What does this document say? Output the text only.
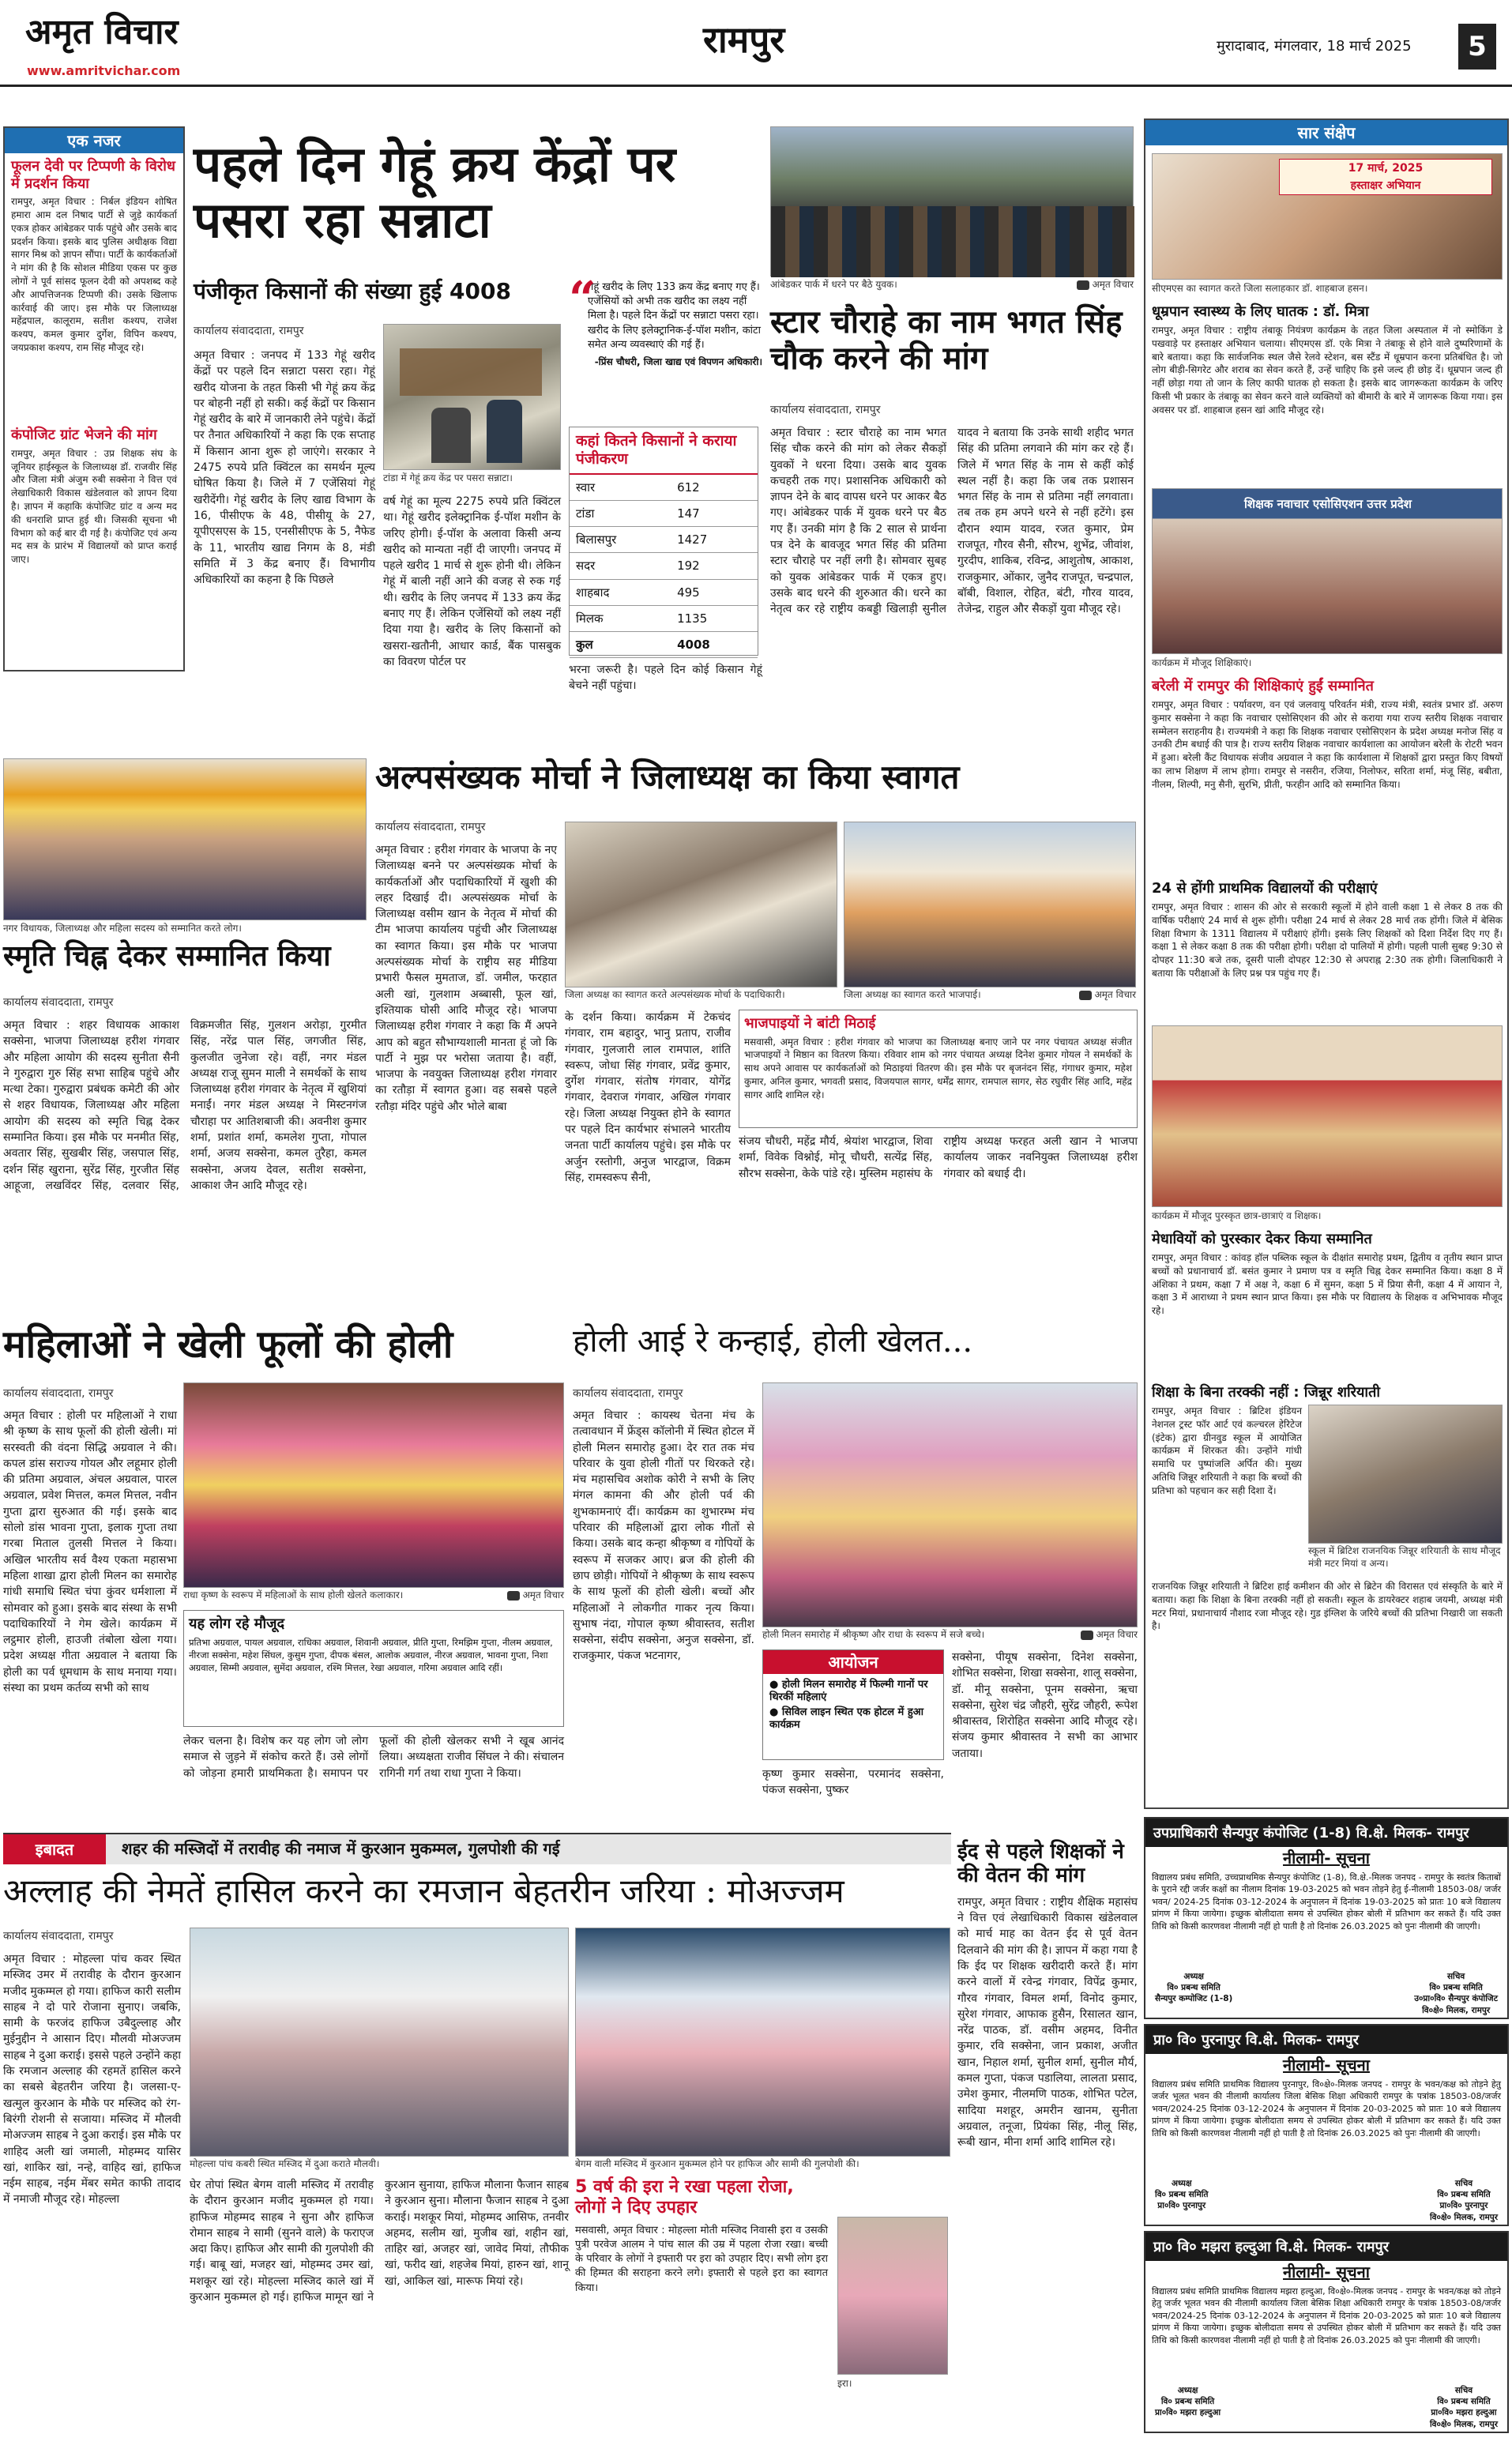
अमृत विचार
www.amritvichar.com
रामपुर	मुरादाबाद, मंगलवार, 18 मार्च 2025	5
एक नजर
फूलन देवी पर टिप्पणी के विरोध में प्रदर्शन किया
रामपुर, अमृत विचार : निर्बल इंडियन शोषित हमारा आम दल निषाद पार्टी से जुड़े कार्यकर्ता एकत्र होकर आंबेडकर पार्क पहुंचे और उसके बाद प्रदर्शन किया। इसके बाद पुलिस अधीक्षक विद्या सागर मिश्र को ज्ञापन सौंपा। पार्टी के कार्यकर्ताओं ने मांग की है कि सोशल मीडिया एकस पर कुछ लोगों ने पूर्व सांसद फूलन देवी को अपशब्द कहे और आपत्तिजनक टिप्पणी की। उसके खिलाफ कार्रवाई की जाए। इस मौके पर जिलाध्यक्ष महेंद्रपाल, कालूराम, सतीश कश्यप, राजेश कश्यप, कमल कुमार दुर्गेश, विपिन कश्यप, जयप्रकाश कश्यप, राम सिंह मौजूद रहे।
कंपोजिट ग्रांट भेजने की मांग
रामपुर, अमृत विचार : उप्र शिक्षक संघ के जूनियर हाईस्कूल के जिलाध्यक्ष डॉ. राजवीर सिंह और जिला मंत्री अंजुम रुबी सक्सेना ने वित्त एवं लेखाधिकारी विकास खंडेलवाल को ज्ञापन दिया है। ज्ञापन में कहाकि कंपोजिट ग्रांट व अन्य मद की धनराशि प्राप्त हुई थी। जिसकी सूचना भी विभाग को कई बार दी गई है। कंपोजिट एवं अन्य मद सत्र के प्रारंभ में विद्यालयों को प्राप्त कराई जाए।
पहले दिन गेहूं क्रय केंद्रों पर पसरा रहा सन्नाटा
पंजीकृत किसानों की संख्या हुई 4008
कार्यालय संवाददाता, रामपुर
अमृत विचार : जनपद में 133 गेहूं खरीद केंद्रों पर पहले दिन सन्नाटा पसरा रहा। गेहूं खरीद योजना के तहत किसी भी गेहूं क्रय केंद्र पर बोहनी नहीं हो सकी। कई केंद्रों पर किसान गेहूं खरीद के बारे में जानकारी लेने पहुंचे। केंद्रों पर तैनात अधिकारियों ने कहा कि एक सप्ताह में किसान आना शुरू हो जाएंगे। सरकार ने 2475 रुपये प्रति क्विंटल का समर्थन मूल्य घोषित किया है। जिले में 7 एजेंसियां गेहूं खरीदेंगी। गेहूं खरीद के लिए खाद्य विभाग के 16, पीसीएफ के 48, पीसीयू के 27, यूपीएसएस के 15, एनसीसीएफ के 5, नैफेड के 11, भारतीय खाद्य निगम के 8, मंडी समिति में 3 केंद्र बनाए हैं। विभागीय अधिकारियों का कहना है कि पिछले
टांडा में गेहूं क्रय केंद्र पर पसरा सन्नाटा।
वर्ष गेहूं का मूल्य 2275 रुपये प्रति क्विंटल था। गेहूं खरीद इलेक्ट्रानिक ई-पॉश मशीन के जरिए होगी। ई-पॉश के अलावा किसी अन्य खरीद को मान्यता नहीं दी जाएगी। जनपद में पहले खरीद 1 मार्च से शुरू होनी थी। लेकिन गेहूं में बाली नहीं आने की वजह से रुक गई थी। खरीद के लिए जनपद में 133 क्रय केंद्र बनाए गए हैं। लेकिन एजेंसियों को लक्ष्य नहीं दिया गया है। खरीद के लिए किसानों को खसरा-खतौनी, आधार कार्ड, बैंक पासबुक का विवरण पोर्टल पर
“
गेहूं खरीद के लिए 133 क्रय केंद्र बनाए गए हैं। एजेंसियों को अभी तक खरीद का लक्ष्य नहीं मिला है। पहले दिन केंद्रों पर सन्नाटा पसरा रहा। खरीद के लिए इलेक्ट्रानिक-ई-पॉश मशीन, कांटा समेत अन्य व्यवस्थाएं की गई हैं।
-प्रिंस चौधरी, जिला खाद्य एवं विपणन अधिकारी।
कहां कितने किसानों ने कराया पंजीकरण
स्वार	612
टांडा	147
बिलासपुर	1427
सदर	192
शाहबाद	495
मिलक	1135
कुल	4008
भरना जरूरी है। पहले दिन कोई किसान गेहूं बेचने नहीं पहुंचा।
आंबेडकर पार्क में धरने पर बैठे युवक।	अमृत विचार
स्टार चौराहे का नाम भगत सिंह चौक करने की मांग
कार्यालय संवाददाता, रामपुर
अमृत विचार : स्टार चौराहे का नाम भगत सिंह चौक करने की मांग को लेकर सैकड़ों युवकों ने धरना दिया। उसके बाद युवक कचहरी तक गए। प्रशासनिक अधिकारी को ज्ञापन देने के बाद वापस धरने पर आकर बैठ गए। आंबेडकर पार्क में युवक धरने पर बैठ गए हैं। उनकी मांग है कि 2 साल से प्रार्थना पत्र देने के बावजूद भगत सिंह की प्रतिमा स्टार चौराहे पर नहीं लगी है। सोमवार सुबह को युवक आंबेडकर पार्क में एकत्र हुए। उसके बाद धरने की शुरुआत की। धरने का नेतृत्व कर रहे राष्ट्रीय कबड्डी खिलाड़ी सुनील यादव ने बताया कि उनके साथी शहीद भगत सिंह की प्रतिमा लगवाने की मांग कर रहे हैं। जिले में भगत सिंह के नाम से कहीं कोई स्थल नहीं है। कहा कि जब तक प्रशासन भगत सिंह के नाम से प्रतिमा नहीं लगवाता। तब तक हम अपने धरने से नहीं हटेंगे। इस दौरान श्याम यादव, रजत कुमार, प्रेम राजपूत, गौरव सैनी, सौरभ, शुभेंद्र, जीवांश, गुरदीप, शाकिब, रविन्द्र, आशुतोष, आकाश, राजकुमार, ओंकार, जुनैद राजपूत, चन्द्रपाल, बॉबी, विशाल, रोहित, बंटी, गौरव यादव, तेजेन्द्र, राहुल और सैकड़ों युवा मौजूद रहे।
सार संक्षेप
17 मार्च, 2025
हस्ताक्षर अभियान
सीएमएस का स्वागत करते जिला सलाहकार डॉ. शाहबाज हसन।
धूम्रपान स्वास्थ्य के लिए घातक : डॉ. मित्रा
रामपुर, अमृत विचार : राष्ट्रीय तंबाकू नियंत्रण कार्यक्रम के तहत जिला अस्पताल में नो स्मोकिंग डे पखवाड़े पर हस्ताक्षर अभियान चलाया। सीएमएस डॉ. एके मित्रा ने तंबाकू से होने वाले दुष्परिणामों के बारे बताया। कहा कि सार्वजनिक स्थल जैसे रेलवे स्टेशन, बस स्टैंड में धूम्रपान करना प्रतिबंधित है। जो लोग बीड़ी-सिगरेट और शराब का सेवन करते हैं, उन्हें चाहिए कि इसे जल्द ही छोड़ दें। धूम्रपान जल्द ही नहीं छोड़ा गया तो जान के लिए काफी घातक हो सकता है। इसके बाद जागरूकता कार्यक्रम के जरिए किसी भी प्रकार के तंबाकू का सेवन करने वाले व्यक्तियों को बीमारी के बारे में जागरूक किया गया। इस अवसर पर डॉ. शाहबाज हसन खां आदि मौजूद रहे।
शिक्षक नवाचार एसोसिएशन उत्तर प्रदेश
कार्यक्रम में मौजूद शिक्षिकाएं।
बरेली में रामपुर की शिक्षिकाएं हुईं सम्मानित
रामपुर, अमृत विचार : पर्यावरण, वन एवं जलवायु परिवर्तन मंत्री, राज्य मंत्री, स्वतंत्र प्रभार डॉ. अरुण कुमार सक्सेना ने कहा कि नवाचार एसोसिएशन की ओर से कराया गया राज्य स्तरीय शिक्षक नवाचार सम्मेलन सराहनीय है। राज्यमंत्री ने कहा कि शिक्षक नवाचार एसोसिएशन के प्रदेश अध्यक्ष मनोज सिंह व उनकी टीम बधाई की पात्र है। राज्य स्तरीय शिक्षक नवाचार कार्यशाला का आयोजन बरेली के रोटरी भवन में हुआ। बरेली कैंट विधायक संजीव अग्रवाल ने कहा कि कार्यशाला में शिक्षकों द्वारा प्रस्तुत किए विषयों का लाभ शिक्षण में लाभ होगा। रामपुर से नसरीन, रजिया, निलोफर, सरिता शर्मा, मंजू सिंह, बबीता, नीलम, शिल्पी, मनु सैनी, सुरभि, प्रीती, फरहीन आदि को सम्मानित किया।
24 से होंगी प्राथमिक विद्यालयों की परीक्षाएं
रामपुर, अमृत विचार : शासन की ओर से सरकारी स्कूलों में होने वाली कक्षा 1 से लेकर 8 तक की वार्षिक परीक्षाएं 24 मार्च से शुरू होंगी। परीक्षा 24 मार्च से लेकर 28 मार्च तक होंगी। जिले में बेसिक शिक्षा विभाग के 1311 विद्यालय में परीक्षाएं होंगी। इसके लिए शिक्षकों को दिशा निर्देश दिए गए हैं। कक्षा 1 से लेकर कक्षा 8 तक की परीक्षा होगी। परीक्षा दो पालियों में होगी। पहली पाली सुबह 9:30 से दोपहर 11:30 बजे तक, दूसरी पाली दोपहर 12:30 से अपराह्न 2:30 तक होगी। जिलाधिकारी ने बताया कि परीक्षाओं के लिए प्रश्न पत्र पहुंच गए हैं।
कार्यक्रम में मौजूद पुरस्कृत छात्र-छात्राएं व शिक्षक।
मेधावियों को पुरस्कार देकर किया सम्मानित
रामपुर, अमृत विचार : कांवड़ हॉल पब्लिक स्कूल के दीक्षांत समारोह प्रथम, द्वितीय व तृतीय स्थान प्राप्त बच्चों को प्रधानाचार्य डॉ. बसंत कुमार ने प्रमाण पत्र व स्मृति चिह्न देकर सम्मानित किया। कक्षा 8 में अंशिका ने प्रथम, कक्षा 7 में अक्ष ने, कक्षा 6 में सुमन, कक्षा 5 में प्रिया सैनी, कक्षा 4 में आयान ने, कक्षा 3 में आराध्या ने प्रथम स्थान प्राप्त किया। इस मौके पर विद्यालय के शिक्षक व अभिभावक मौजूद रहे।
शिक्षा के बिना तरक्की नहीं : जिन्नूर शरियाती
रामपुर, अमृत विचार : ब्रिटिश इंडियन नेशनल ट्रस्ट फॉर आर्ट एवं कल्चरल हेरिटेज (इंटेक) द्वारा ग्रीनवुड स्कूल में आयोजित कार्यक्रम में शिरकत की। उन्होंने गांधी समाधि पर पुष्पांजलि अर्पित की। मुख्य अतिथि जिन्नूर शरियाती ने कहा कि बच्चों की प्रतिभा को पहचान कर सही दिशा दें।
स्कूल में ब्रिटिश राजनयिक जिन्नूर शरियाती के साथ मौजूद मंत्री मटर मियां व अन्य।
राजनयिक जिन्नूर शरियाती ने ब्रिटिश हाई कमीशन की ओर से ब्रिटेन की विरासत एवं संस्कृति के बारे में बताया। कहा कि शिक्षा के बिना तरक्की नहीं हो सकती। स्कूल के डायरेक्टर शहाब जयमी, अध्यक्ष मंत्री मटर मियां, प्रधानाचार्य नौशाद रजा मौजूद रहे। गुड इंग्लिश के जरिये बच्चों की प्रतिभा निखारी जा सकती है।
नगर विधायक, जिलाध्यक्ष और महिला सदस्य को सम्मानित करते लोग।
स्मृति चिह्न देकर सम्मानित किया
कार्यालय संवाददाता, रामपुर
अमृत विचार : शहर विधायक आकाश सक्सेना, भाजपा जिलाध्यक्ष हरीश गंगवार और महिला आयोग की सदस्य सुनीता सैनी ने गुरुद्वारा गुरु सिंह सभा साहिब पहुंचे और मत्था टेका। गुरुद्वारा प्रबंधक कमेटी की ओर से शहर विधायक, जिलाध्यक्ष और महिला आयोग की सदस्य को स्मृति चिह्न देकर सम्मानित किया। इस मौके पर मनमीत सिंह, अवतार सिंह, सुखबीर सिंह, जसपाल सिंह, दर्शन सिंह खुराना, सुरेंद्र सिंह, गुरजीत सिंह आहूजा, लखविंदर सिंह, दलवार सिंह, विक्रमजीत सिंह, गुलशन अरोड़ा, गुरमीत सिंह, नरेंद्र पाल सिंह, जगजीत सिंह, कुलजीत जुनेजा रहे। वहीं, नगर मंडल अध्यक्ष राजू सुमन माली ने समर्थकों के साथ जिलाध्यक्ष हरीश गंगवार के नेतृत्व में खुशियां मनाईं। नगर मंडल अध्यक्ष ने मिस्टनगंज चौराहा पर आतिशबाजी की। अवनीश कुमार शर्मा, प्रशांत शर्मा, कमलेश गुप्ता, गोपाल शर्मा, अजय सक्सेना, कमल तुरैहा, कमल सक्सेना, अजय देवल, सतीश सक्सेना, आकाश जैन आदि मौजूद रहे।
अल्पसंख्यक मोर्चा ने जिलाध्यक्ष का किया स्वागत
कार्यालय संवाददाता, रामपुर
अमृत विचार : हरीश गंगवार के भाजपा के नए जिलाध्यक्ष बनने पर अल्पसंख्यक मोर्चा के कार्यकर्ताओं और पदाधिकारियों में खुशी की लहर दिखाई दी। अल्पसंख्यक मोर्चा के जिलाध्यक्ष वसीम खान के नेतृत्व में मोर्चा की टीम भाजपा कार्यालय पहुंची और जिलाध्यक्ष का स्वागत किया। इस मौके पर भाजपा अल्पसंख्यक मोर्चा के राष्ट्रीय सह मीडिया प्रभारी फैसल मुमताज, डॉ. जमील, फरहात अली खां, गुलशाम अब्बासी, फूल खां, इश्तियाक घोसी आदि मौजूद रहे। भाजपा जिलाध्यक्ष हरीश गंगवार ने कहा कि मैं अपने आप को बहुत सौभाग्यशाली मानता हूं जो कि पार्टी ने मुझ पर भरोसा जताया है। वहीं, भाजपा के नवयुक्त जिलाध्यक्ष हरीश गंगवार का रतौड़ा में स्वागत हुआ। वह सबसे पहले रतौड़ा मंदिर पहुंचे और भोले बाबा
जिला अध्यक्ष का स्वागत करते अल्पसंख्यक मोर्चा के पदाधिकारी।	जिला अध्यक्ष का स्वागत करते भाजपाई।	अमृत विचार
के दर्शन किया। कार्यक्रम में टेकचंद गंगवार, राम बहादुर, भानु प्रताप, राजीव गंगवार, गुलजारी लाल रामपाल, शांति स्वरूप, जोधा सिंह गंगवार, प्रवेंद्र कुमार, दुर्गेश गंगवार, संतोष गंगवार, योगेंद्र गंगवार, देवराज गंगवार, अखिल गंगवार रहे। जिला अध्यक्ष नियुक्त होने के स्वागत पर पहले दिन कार्यभार संभालने भारतीय जनता पार्टी कार्यालय पहुंचे। इस मौके पर अर्जुन रस्तोगी, अनुज भारद्वाज, विक्रम सिंह, रामस्वरूप सैनी,
भाजपाइयों ने बांटी मिठाई
मसवासी, अमृत विचार : हरीश गंगवार को भाजपा का जिलाध्यक्ष बनाए जाने पर नगर पंचायत अध्यक्ष संजीत भाजपाइयों ने मिष्ठान का वितरण किया। रविवार शाम को नगर पंचायत अध्यक्ष दिनेश कुमार गोयल ने समर्थकों के साथ अपने आवास पर कार्यकर्ताओं को मिठाइयां वितरण की। इस मौके पर बृजनंदन सिंह, गंगाधर कुमार, महेश कुमार, अनिल कुमार, भगवती प्रसाद, विजयपाल सागर, धर्मेंद्र सागर, रामपाल सागर, सेठ रघुवीर सिंह आदि, महेंद्र सागर आदि शामिल रहे।
संजय चौधरी, महेंद्र मौर्य, श्रेयांश भारद्वाज, शिवा शर्मा, विवेक विश्नोई, मोनू चौधरी, सत्येंद्र सिंह, सौरभ सक्सेना, केके पांडे रहे। मुस्लिम महासंघ के राष्ट्रीय अध्यक्ष फरहत अली खान ने भाजपा कार्यालय जाकर नवनियुक्त जिलाध्यक्ष हरीश गंगवार को बधाई दी।
महिलाओं ने खेली फूलों की होली
कार्यालय संवाददाता, रामपुर
अमृत विचार : होली पर महिलाओं ने राधा श्री कृष्ण के साथ फूलों की होली खेली। मां सरस्वती की वंदना सिद्धि अग्रवाल ने की। कपल डांस सराज्य गोयल और लहूमार होली की प्रतिमा अग्रवाल, अंचल अग्रवाल, पारल अग्रवाल, प्रवेश मित्तल, कमल मित्तल, नवीन गुप्ता द्वारा सुरुआत की गई। इसके बाद सोलो डांस भावना गुप्ता, इलाक गुप्ता तथा गरबा मिताल तुलसी मित्तल ने किया। अखिल भारतीय सर्व वैश्य एकता महासभा महिला शाखा द्वारा होली मिलन का समारोह गांधी समाधि स्थित चंपा कुंवर धर्मशाला में सोमवार को हुआ। इसके बाद संस्था के सभी पदाधिकारियों ने गेम खेले। कार्यक्रम में लट्ठमार होली, हाउजी तंबोला खेला गया। प्रदेश अध्यक्ष गीता अग्रवाल ने बताया कि होली का पर्व धूमधाम के साथ मनाया गया। संस्था का प्रथम कर्तव्य सभी को साथ
राधा कृष्ण के स्वरूप में महिलाओं के साथ होली खेलते कलाकार।	अमृत विचार
यह लोग रहे मौजूद
प्रतिभा अग्रवाल, पायल अग्रवाल, राधिका अग्रवाल, शिवानी अग्रवाल, प्रीति गुप्ता, रिमझिम गुप्ता, नीलम अग्रवाल, नीरजा सक्सेना, महेश सिंघल, कुसुम गुप्ता, दीपक बंसल, आलोक अग्रवाल, नीरज अग्रवाल, भावना गुप्ता, निशा अग्रवाल, सिम्मी अग्रवाल, सुमेंदा अग्रवाल, रश्मि मित्तल, रेखा अग्रवाल, गरिमा अग्रवाल आदि रहीं।
लेकर चलना है। विशेष कर यह लोग जो लोग समाज से जुड़ने में संकोच करते हैं। उसे लोगों को जोड़ना हमारी प्राथमिकता है। समापन पर फूलों की होली खेलकर सभी ने खूब आनंद लिया। अध्यक्षता राजीव सिंघल ने की। संचालन रागिनी गर्ग तथा राधा गुप्ता ने किया।
होली आई रे कन्हाई, होली खेलत...
कार्यालय संवाददाता, रामपुर
अमृत विचार : कायस्थ चेतना मंच के तत्वावधान में फ्रेंड्स कॉलोनी में स्थित होटल में होली मिलन समारोह हुआ। देर रात तक मंच परिवार के युवा होली गीतों पर थिरकते रहे। मंच महासचिव अशोक कोरी ने सभी के लिए मंगल कामना की और होली पर्व की शुभकामनाएं दीं। कार्यक्रम का शुभारम्भ मंच परिवार की महिलाओं द्वारा लोक गीतों से किया। उसके बाद कन्हा श्रीकृष्ण व गोपियों के स्वरूप में सजकर आए। ब्रज की होली की छाप छोड़ी। गोपियों ने श्रीकृष्ण के साथ स्वरूप के साथ फूलों की होली खेली। बच्चों और महिलाओं ने लोकगीत गाकर नृत्य किया। सुभाष नंदा, गोपाल कृष्ण श्रीवास्तव, सतीश सक्सेना, संदीप सक्सेना, अनुज सक्सेना, डॉ. राजकुमार, पंकज भटनागर,
होली मिलन समारोह में श्रीकृष्ण और राधा के स्वरूप में सजे बच्चे।	अमृत विचार
आयोजन
● होली मिलन समारोह में फिल्मी गानों पर थिरकीं महिलाएं
● सिविल लाइन स्थित एक होटल में हुआ कार्यक्रम
कृष्ण कुमार सक्सेना, परमानंद सक्सेना, पंकज सक्सेना, पुष्कर
सक्सेना, पीयूष सक्सेना, दिनेश सक्सेना, शोभित सक्सेना, शिखा सक्सेना, शालू सक्सेना, डॉ. मीनू सक्सेना, पूनम सक्सेना, ऋचा सक्सेना, सुरेश चंद्र जौहरी, सुरेंद्र जौहरी, रूपेश श्रीवास्तव, शिरोहित सक्सेना आदि मौजूद रहे। संजय कुमार श्रीवास्तव ने सभी का आभार जताया।
इबादत	शहर की मस्जिदों में तरावीह की नमाज में कुरआन मुकम्मल, गुलपोशी की गई
अल्लाह की नेमतें हासिल करने का रमजान बेहतरीन जरिया : मोअज्जम
कार्यालय संवाददाता, रामपुर
अमृत विचार : मोहल्ला पांच कवर स्थित मस्जिद उमर में तरावीह के दौरान कुरआन मजीद मुकम्मल हो गया। हाफिज कारी सलीम साहब ने दो पारे रोजाना सुनाए। जबकि, सामी के फरजंद हाफिज उबैदुल्लाह और मुईनुद्दीन ने आसान दिए। मौलवी मोअज्जम साहब ने दुआ कराई। इससे पहले उन्होंने कहा कि रमजान अल्लाह की रहमतें हासिल करने का सबसे बेहतरीन जरिया है। जलसा-ए-खत्मुल कुरआन के मौके पर मस्जिद को रंग-बिरंगी रोशनी से सजाया। मस्जिद में मौलवी मोअज्जम साहब ने दुआ कराई। इस मौके पर शाहिद अली खां जमाली, मोहम्मद यासिर खां, शाकिर खां, नन्हे, वाहिद खां, हाफिज नईम साहब, नईम मेंबर समेत काफी तादाद में नमाजी मौजूद रहे। मोहल्ला
मोहल्ला पांच कबरी स्थित मस्जिद में दुआ कराते मौलवी।	बेगम वाली मस्जिद में कुरआन मुकम्मल होने पर हाफिज और सामी की गुलपोशी की।
घेर तोपां स्थित बेगम वाली मस्जिद में तरावीह के दौरान कुरआन मजीद मुकम्मल हो गया। हाफिज मोहम्मद साहब ने सुना और हाफिज रोमान साहब ने सामी (सुनने वाले) के फराएज अदा किए। हाफिज और सामी की गुलपोशी की गई। बाबू खां, मजहर खां, मोहम्मद उमर खां, मशकूर खां रहे। मोहल्ला मस्जिद काले खां में कुरआन मुकम्मल हो गई। हाफिज मामून खां ने कुरआन सुनाया, हाफिज मौलाना फैजान साहब ने कुरआन सुना। मौलाना फैजान साहब ने दुआ कराई। मशकूर मियां, मोहम्मद आसिफ, तनवीर अहमद, सलीम खां, मुजीब खां, शहीन खां, ताहिर खां, अजहर खां, जावेद मियां, तौफीक खां, फरीद खां, शहजेब मियां, हारुन खां, शानू खां, आकिल खां, मारूफ मियां रहे।
5 वर्ष की इरा ने रखा पहला रोजा, लोगों ने दिए उपहार
मसवासी, अमृत विचार : मोहल्ला मोती मस्जिद निवासी इरा व उसकी पुत्री परवेज आलम ने पांच साल की उम्र में पहला रोजा रखा। बच्ची के परिवार के लोगों ने इफ्तारी पर इरा को उपहार दिए। सभी लोग इरा की हिम्मत की सराहना करने लगे। इफ्तारी से पहले इरा का स्वागत किया।
इरा।
ईद से पहले शिक्षकों ने की वेतन की मांग
रामपुर, अमृत विचार : राष्ट्रीय शैक्षिक महासंघ ने वित्त एवं लेखाधिकारी विकास खंडेलवाल को मार्च माह का वेतन ईद से पूर्व वेतन दिलवाने की मांग की है। ज्ञापन में कहा गया है कि ईद पर शिक्षक खरीदारी करते हैं। मांग करने वालों में रवेन्द्र गंगवार, विपेंद्र कुमार, गौरव गंगवार, विमल शर्मा, विनोद कुमार, सुरेश गंगवार, आफाक हुसैन, रिसालत खान, नरेंद्र पाठक, डॉ. वसीम अहमद, विनीत कुमार, रवि सक्सेना, जान प्रकाश, अजीत खान, निहाल शर्मा, सुनील शर्मा, सुनील मौर्य, कमल गुप्ता, पंकज पडालिया, लालता प्रसाद, उमेश कुमार, नीलमणि पाठक, शोभित पटेल, सादिया मशहूर, अमरीन खानम, सुनीता अग्रवाल, तनूजा, प्रियंका सिंह, नीलू सिंह, रूबी खान, मीना शर्मा आदि शामिल रहे।
उपप्राधिकारी सैन्यपुर कंपोजिट (1-8) वि.क्षे. मिलक- रामपुर
नीलामी- सूचना
विद्यालय प्रबंध समिति, उच्चप्राथमिक सैन्यपुर कंपोजिट (1-8), वि.क्षे.-मिलक जनपद - रामपुर के स्वतंत्र किताबों के पुराने रद्दी जर्जर कक्षों का नीलाम दिनांक 19-03-2025 को भवन तोड़ने हेतु ई-नीलामी 18503-08/ जर्जर भवन/ 2024-25 दिनांक 03-12-2024 के अनुपालन में दिनांक 19-03-2025 को प्रातः 10 बजे विद्यालय प्रांगण में किया जायेगा। इच्छुक बोलीदाता समय से उपस्थित होकर बोली में प्रतिभाग कर सकते हैं। यदि उक्त तिथि को किसी कारणवश नीलामी नहीं हो पाती है तो दिनांक 26.03.2025 को पुनः नीलामी की जाएगी।
अध्यक्ष
वि० प्रबन्ध समिति
सैन्यपुर कम्पोजिट (1-8)
सचिव
वि० प्रबन्ध समिति
उ०प्रा०वि० सैन्यपुर कंपोजिट
वि०क्षे० मिलक, रामपुर
प्रा० वि० पुरनापुर वि.क्षे. मिलक- रामपुर
नीलामी- सूचना
विद्यालय प्रबंध समिति प्राथमिक विद्यालय पुरनापुर, वि०क्षे०-मिलक जनपद - रामपुर के भवन/कक्ष को तोड़ने हेतु जर्जर भूलत भवन की नीलामी कार्यालय जिला बेसिक शिक्षा अधिकारी रामपुर के पत्रांक 18503-08/जर्जर भवन/2024-25 दिनांक 03-12-2024 के अनुपालन में दिनांक 20-03-2025 को प्रातः 10 बजे विद्यालय प्रांगण में किया जायेगा। इच्छुक बोलीदाता समय से उपस्थित होकर बोली में प्रतिभाग कर सकते हैं। यदि उक्त तिथि को किसी कारणवश नीलामी नहीं हो पाती है तो दिनांक 26.03.2025 को पुनः नीलामी की जाएगी।
अध्यक्ष
वि० प्रबन्ध समिति
प्रा०वि० पुरनापुर
सचिव
वि० प्रबन्ध समिति
प्रा०वि० पुरनापुर
वि०क्षे० मिलक, रामपुर
प्रा० वि० मझरा हल्दुआ वि.क्षे. मिलक- रामपुर
नीलामी- सूचना
विद्यालय प्रबंध समिति प्राथमिक विद्यालय मझरा हल्दुआ, वि०क्षे०-मिलक जनपद - रामपुर के भवन/कक्ष को तोड़ने हेतु जर्जर भूलत भवन की नीलामी कार्यालय जिला बेसिक शिक्षा अधिकारी रामपुर के पत्रांक 18503-08/जर्जर भवन/2024-25 दिनांक 03-12-2024 के अनुपालन में दिनांक 20-03-2025 को प्रातः 10 बजे विद्यालय प्रांगण में किया जायेगा। इच्छुक बोलीदाता समय से उपस्थित होकर बोली में प्रतिभाग कर सकते हैं। यदि उक्त तिथि को किसी कारणवश नीलामी नहीं हो पाती है तो दिनांक 26.03.2025 को पुनः नीलामी की जाएगी।
अध्यक्ष
वि० प्रबन्ध समिति
प्रा०वि० मझरा हल्दुआ
सचिव
वि० प्रबन्ध समिति
प्रा०वि० मझरा हल्दुआ
वि०क्षे० मिलक, रामपुर
